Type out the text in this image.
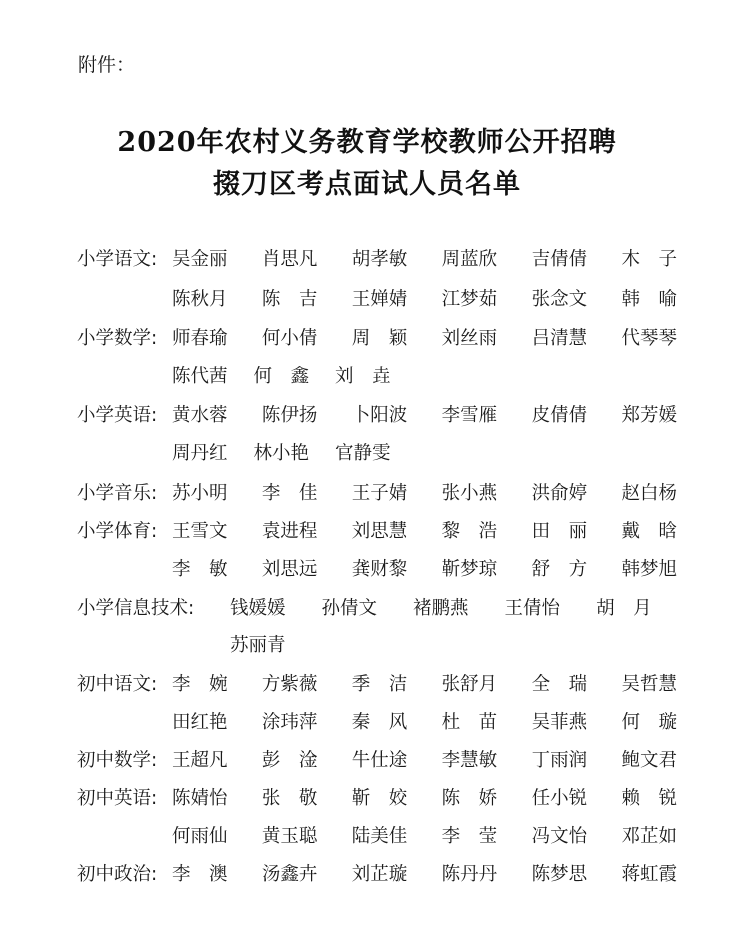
附件：
2020年农村义务教育学校教师公开招聘
掇刀区考点面试人员名单
小学语文: 吴金丽 肖思凡 胡孝敏 周蓝欣 吉倩倩 木　子
陈秋月 陈　吉 王婵婧 江梦茹 张念文 韩　喻
小学数学: 师春瑜 何小倩 周　颖 刘丝雨 吕清慧 代琴琴
陈代茜 何　鑫 刘　垚
小学英语: 黄水蓉 陈伊扬 卜阳波 李雪雁 皮倩倩 郑芳媛
周丹红 林小艳 官静雯
小学音乐: 苏小明 李　佳 王子婧 张小燕 洪俞婷 赵白杨
小学体育: 王雪文 袁进程 刘思慧 黎　浩 田　丽 戴　晗
李　敏 刘思远 龚财黎 靳梦琼 舒　方 韩梦旭
小学信息技术:	钱媛媛 孙倩文 褚鹏燕 王倩怡 胡　月
苏丽青
初中语文: 李　婉 方紫薇 季　洁 张舒月 全　瑞 吴哲慧
田红艳 涂玮萍 秦　风 杜　苗 吴菲燕 何　璇
初中数学: 王超凡 彭　淦 牛仕途 李慧敏 丁雨润 鲍文君
初中英语: 陈婧怡 张　敬 靳　姣 陈　娇 任小锐 赖　锐
何雨仙 黄玉聪 陆美佳 李　莹 冯文怡 邓芷如
初中政治: 李　澳 汤鑫卉 刘芷璇 陈丹丹 陈梦思 蒋虹霞
